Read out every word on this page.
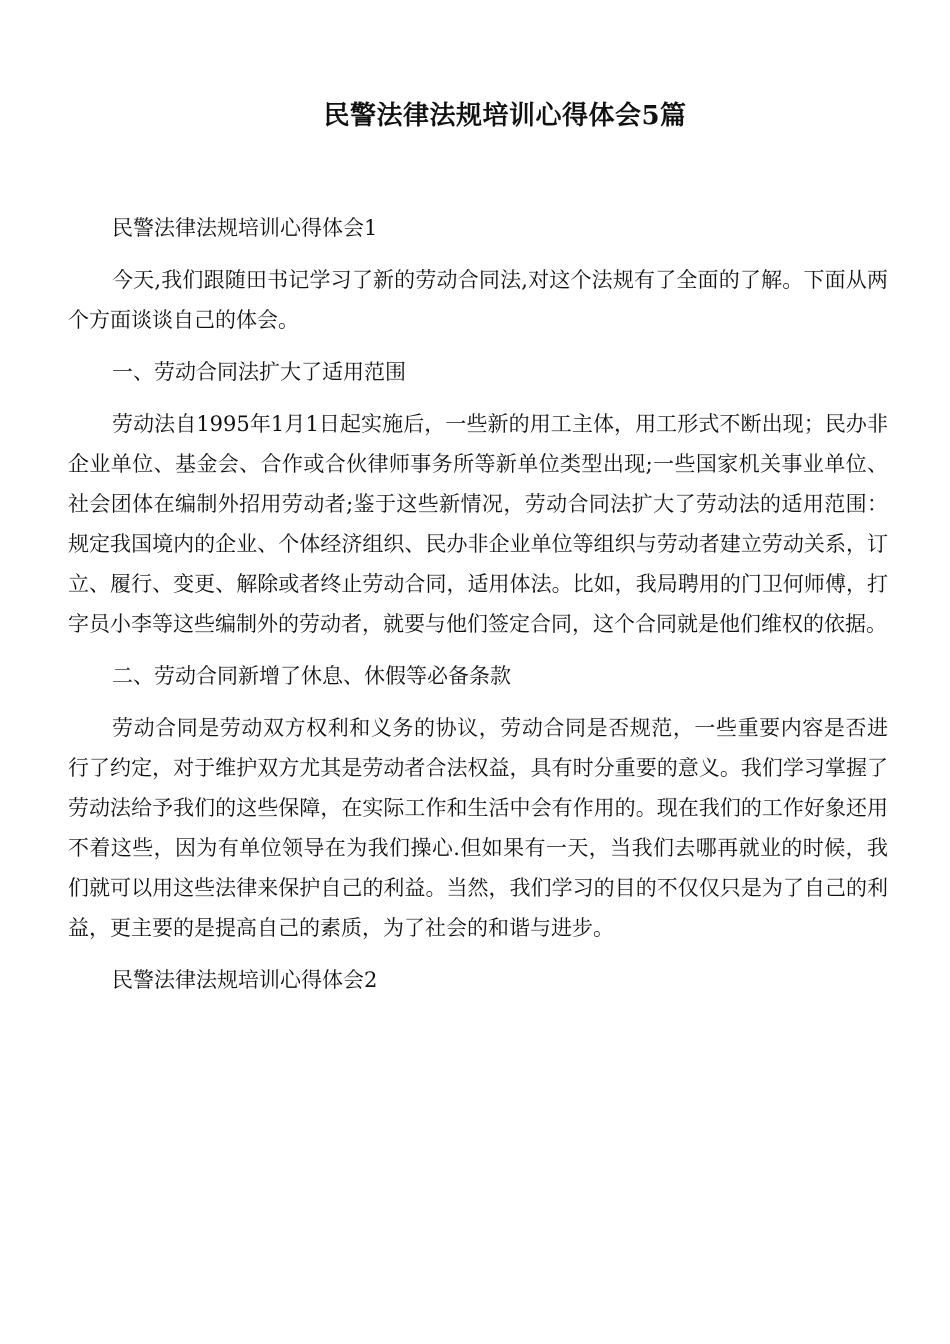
民警法律法规培训心得体会5篇

民警法律法规培训心得体会1

今天,我们跟随田书记学习了新的劳动合同法,对这个法规有了全面的了解。下面从两个方面谈谈自己的体会。

一、劳动合同法扩大了适用范围

劳动法自1995年1月1日起实施后，一些新的用工主体，用工形式不断出现；民办非企业单位、基金会、合作或合伙律师事务所等新单位类型出现;一些国家机关事业单位、社会团体在编制外招用劳动者;鉴于这些新情况，劳动合同法扩大了劳动法的适用范围：规定我国境内的企业、个体经济组织、民办非企业单位等组织与劳动者建立劳动关系，订立、履行、变更、解除或者终止劳动合同，适用体法。比如，我局聘用的门卫何师傅，打字员小李等这些编制外的劳动者，就要与他们签定合同，这个合同就是他们维权的依据。

二、劳动合同新增了休息、休假等必备条款

劳动合同是劳动双方权利和义务的协议，劳动合同是否规范，一些重要内容是否进行了约定，对于维护双方尤其是劳动者合法权益，具有时分重要的意义。我们学习掌握了劳动法给予我们的这些保障，在实际工作和生活中会有作用的。现在我们的工作好象还用不着这些，因为有单位领导在为我们操心.但如果有一天，当我们去哪再就业的时候，我们就可以用这些法律来保护自己的利益。当然，我们学习的目的不仅仅只是为了自己的利益，更主要的是提高自己的素质，为了社会的和谐与进步。

民警法律法规培训心得体会2
